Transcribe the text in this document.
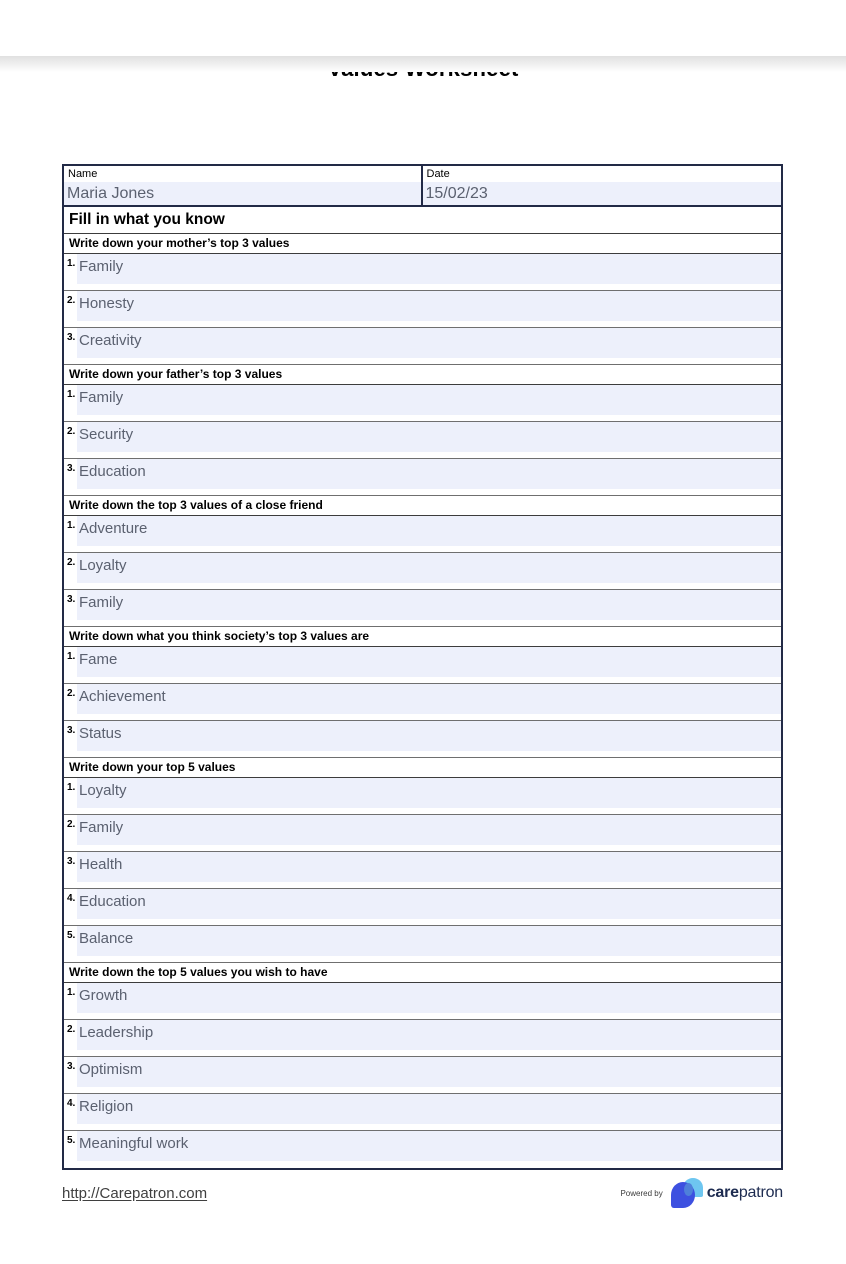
Name
Maria Jones
Date
15/02/23
Fill in what you know
Write down your mother’s top 3 values
1. Family
2. Honesty
3. Creativity
Write down your father’s top 3 values
1. Family
2. Security
3. Education
Write down the top 3 values of a close friend
1. Adventure
2. Loyalty
3. Family
Write down what you think society’s top 3 values are
1. Fame
2. Achievement
3. Status
Write down your top 5 values
1. Loyalty
2. Family
3. Health
4. Education
5. Balance
Write down the top 5 values you wish to have
1. Growth
2. Leadership
3. Optimism
4. Religion
5. Meaningful work
http://Carepatron.com	Powered by	carepatron
